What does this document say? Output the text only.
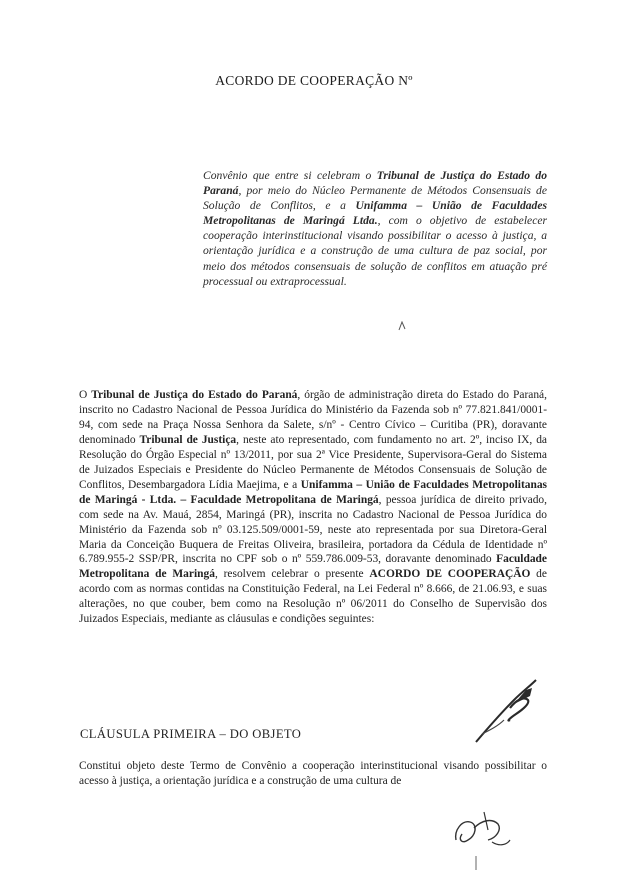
ACORDO DE COOPERAÇÃO Nº
Convênio que entre si celebram o Tribunal de Justiça do Estado do Paraná, por meio do Núcleo Permanente de Métodos Consensuais de Solução de Conflitos, e a Unifamma – União de Faculdades Metropolitanas de Maringá Ltda., com o objetivo de estabelecer cooperação interinstitucional visando possibilitar o acesso à justiça, a orientação jurídica e a construção de uma cultura de paz social, por meio dos métodos consensuais de solução de conflitos em atuação pré processual ou extraprocessual.
O Tribunal de Justiça do Estado do Paraná, órgão de administração direta do Estado do Paraná, inscrito no Cadastro Nacional de Pessoa Jurídica do Ministério da Fazenda sob nº 77.821.841/0001-94, com sede na Praça Nossa Senhora da Salete, s/nº - Centro Cívico – Curitiba (PR), doravante denominado Tribunal de Justiça, neste ato representado, com fundamento no art. 2º, inciso IX, da Resolução do Órgão Especial nº 13/2011, por sua 2ª Vice Presidente, Supervisora-Geral do Sistema de Juizados Especiais e Presidente do Núcleo Permanente de Métodos Consensuais de Solução de Conflitos, Desembargadora Lídia Maejima, e a Unifamma – União de Faculdades Metropolitanas de Maringá - Ltda. – Faculdade Metropolitana de Maringá, pessoa jurídica de direito privado, com sede na Av. Mauá, 2854, Maringá (PR), inscrita no Cadastro Nacional de Pessoa Jurídica do Ministério da Fazenda sob nº 03.125.509/0001-59, neste ato representada por sua Diretora-Geral Maria da Conceição Buquera de Freitas Oliveira, brasileira, portadora da Cédula de Identidade nº 6.789.955-2 SSP/PR, inscrita no CPF sob o nº 559.786.009-53, doravante denominado Faculdade Metropolitana de Maringá, resolvem celebrar o presente ACORDO DE COOPERAÇÃO de acordo com as normas contidas na Constituição Federal, na Lei Federal nº 8.666, de 21.06.93, e suas alterações, no que couber, bem como na Resolução nº 06/2011 do Conselho de Supervisão dos Juizados Especiais, mediante as cláusulas e condições seguintes:
CLÁUSULA PRIMEIRA – DO OBJETO
Constitui objeto deste Termo de Convênio a cooperação interinstitucional visando possibilitar o acesso à justiça, a orientação jurídica e a construção de uma cultura de
